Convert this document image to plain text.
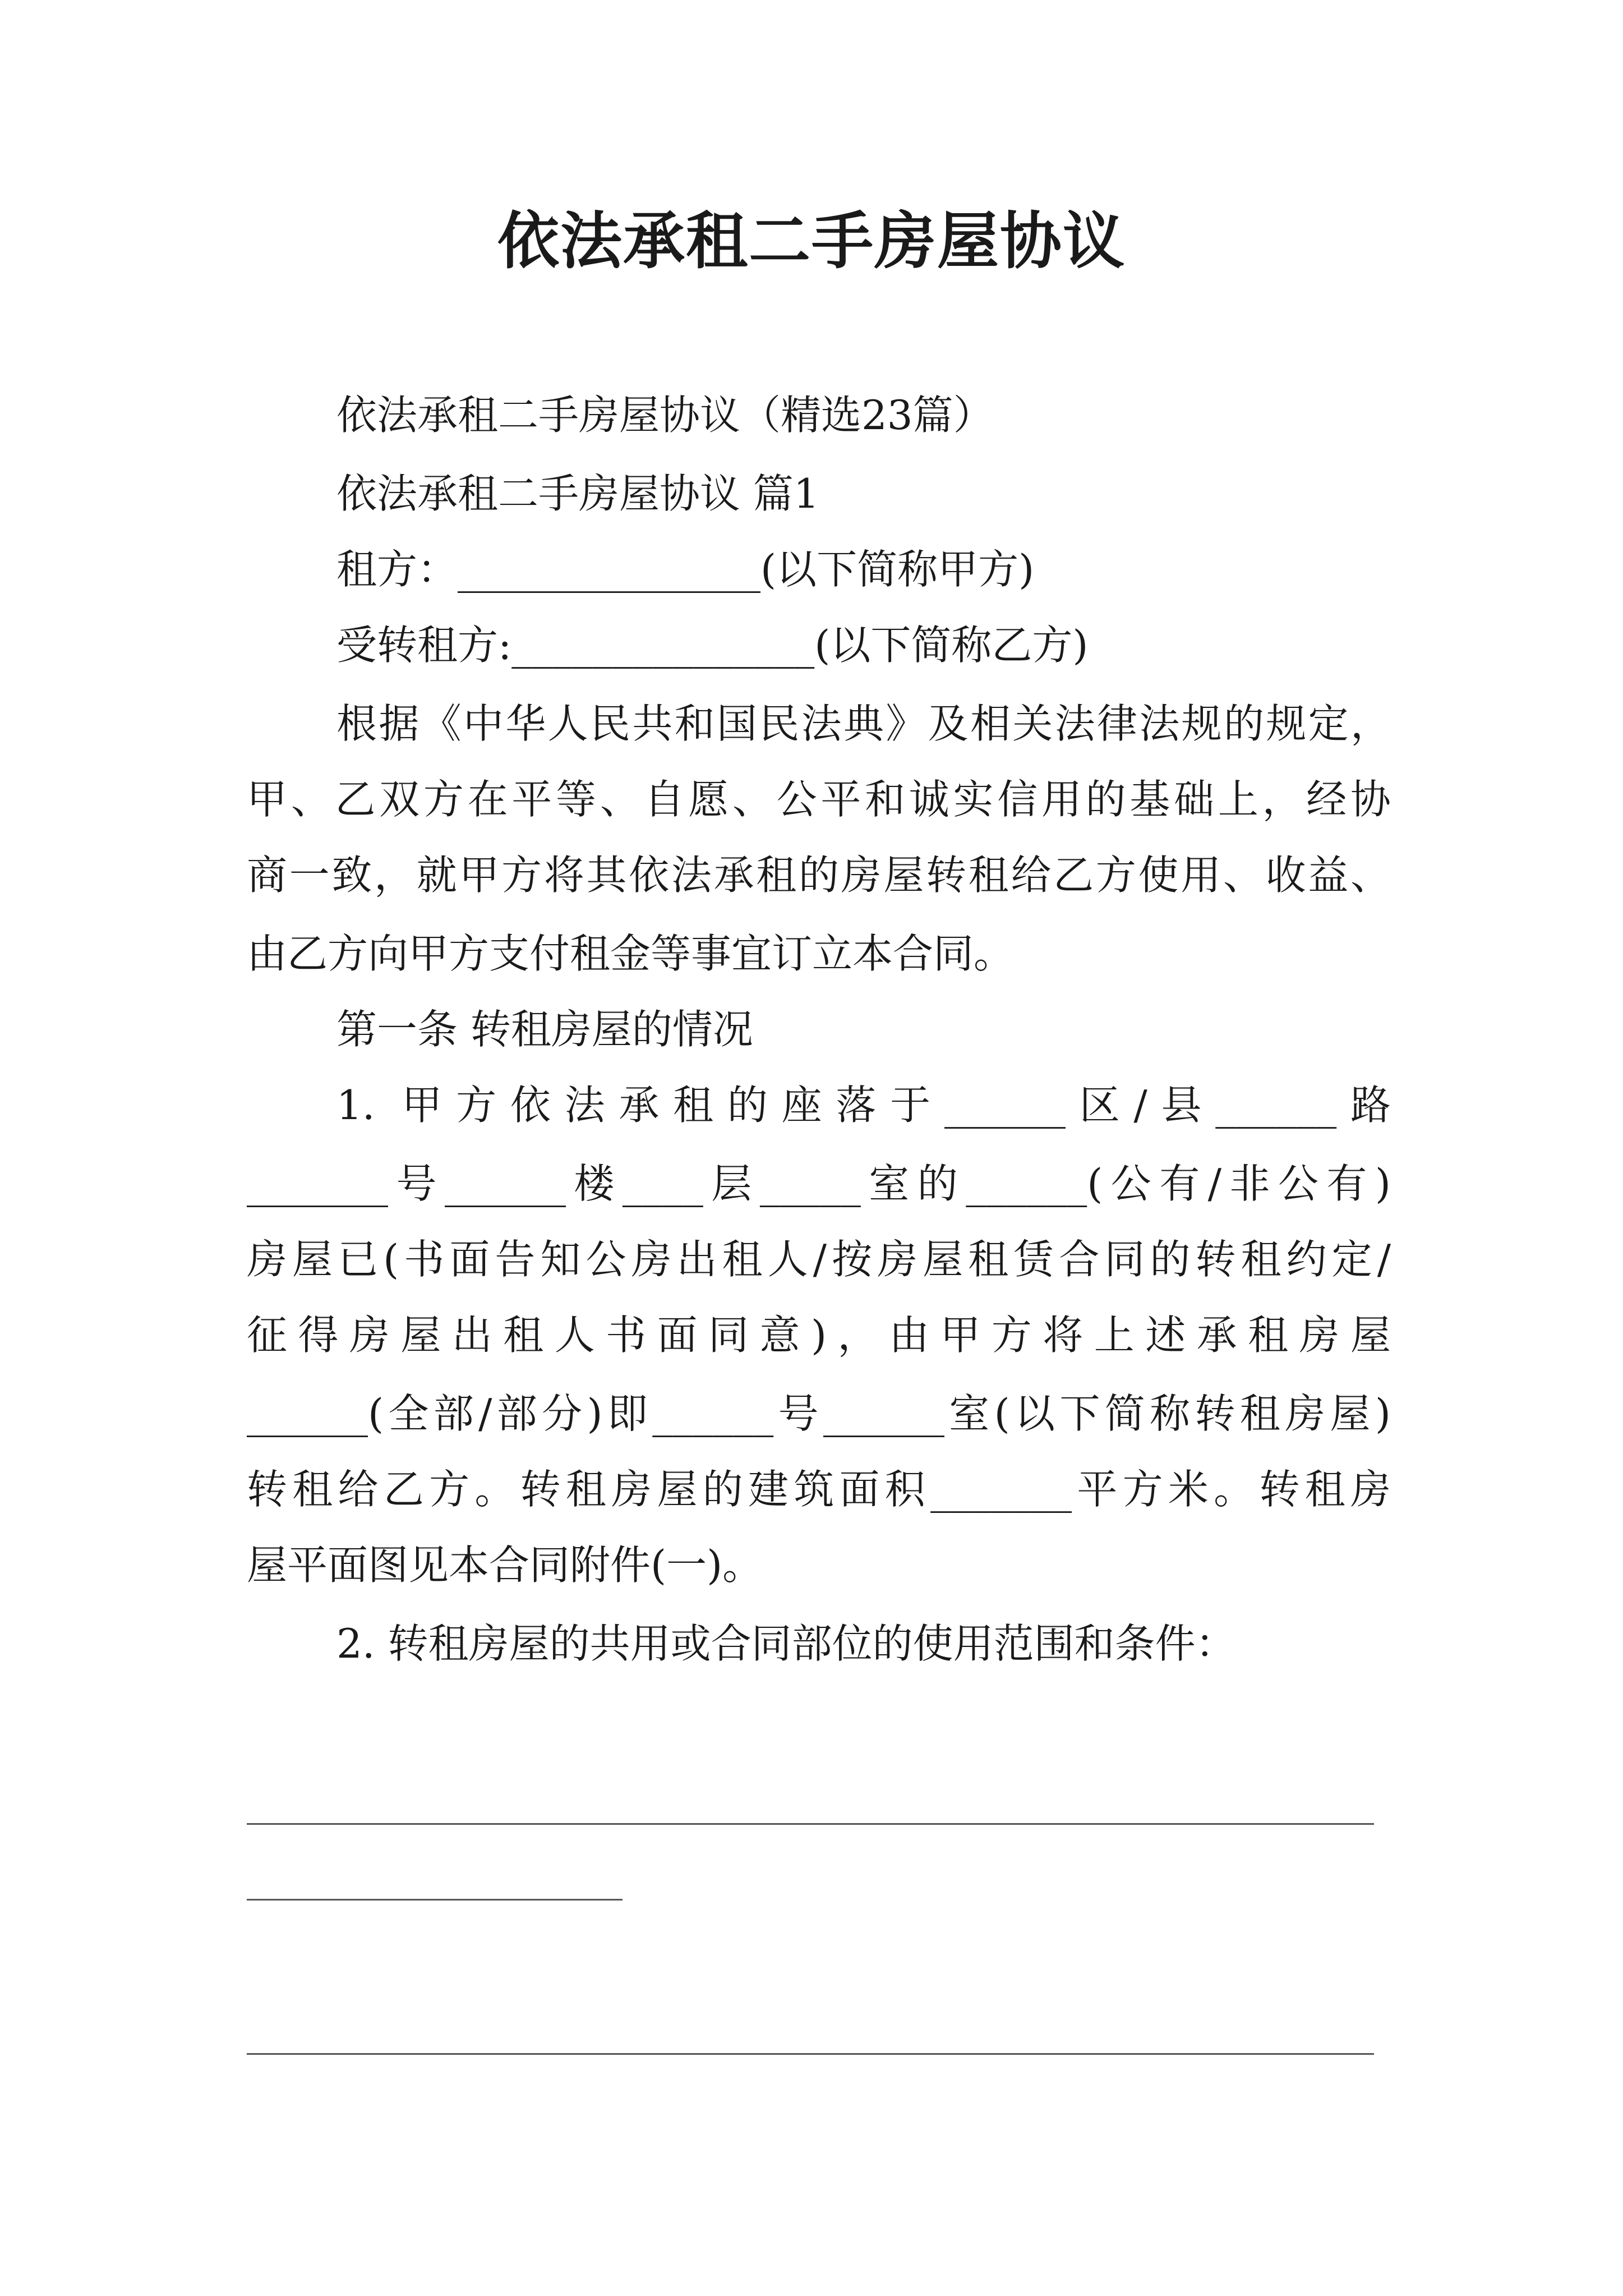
依法承租二手房屋协议
依法承租二手房屋协议（精选23篇）
依法承租二手房屋协议 篇1
租方：_______________(以下简称甲方)
受转租方:_______________(以下简称乙方)
根据《中华人民共和国民法典》及相关法律法规的规定，
甲、乙双方在平等、自愿、公平和诚实信用的基础上，经协
商一致，就甲方将其依法承租的房屋转租给乙方使用、收益、
由乙方向甲方支付租金等事宜订立本合同。
第一条 转租房屋的情况
1. 甲方依法承租的座落于______区/县______路
_______号______楼____层_____室的______(公有/非公有)
房屋已(书面告知公房出租人/按房屋租赁合同的转租约定/
征得房屋出租人书面同意)，由甲方将上述承租房屋
______(全部/部分)即______号______室(以下简称转租房屋)
转租给乙方。转租房屋的建筑面积_______平方米。转租房
屋平面图见本合同附件(一)。
2. 转租房屋的共用或合同部位的使用范围和条件：
